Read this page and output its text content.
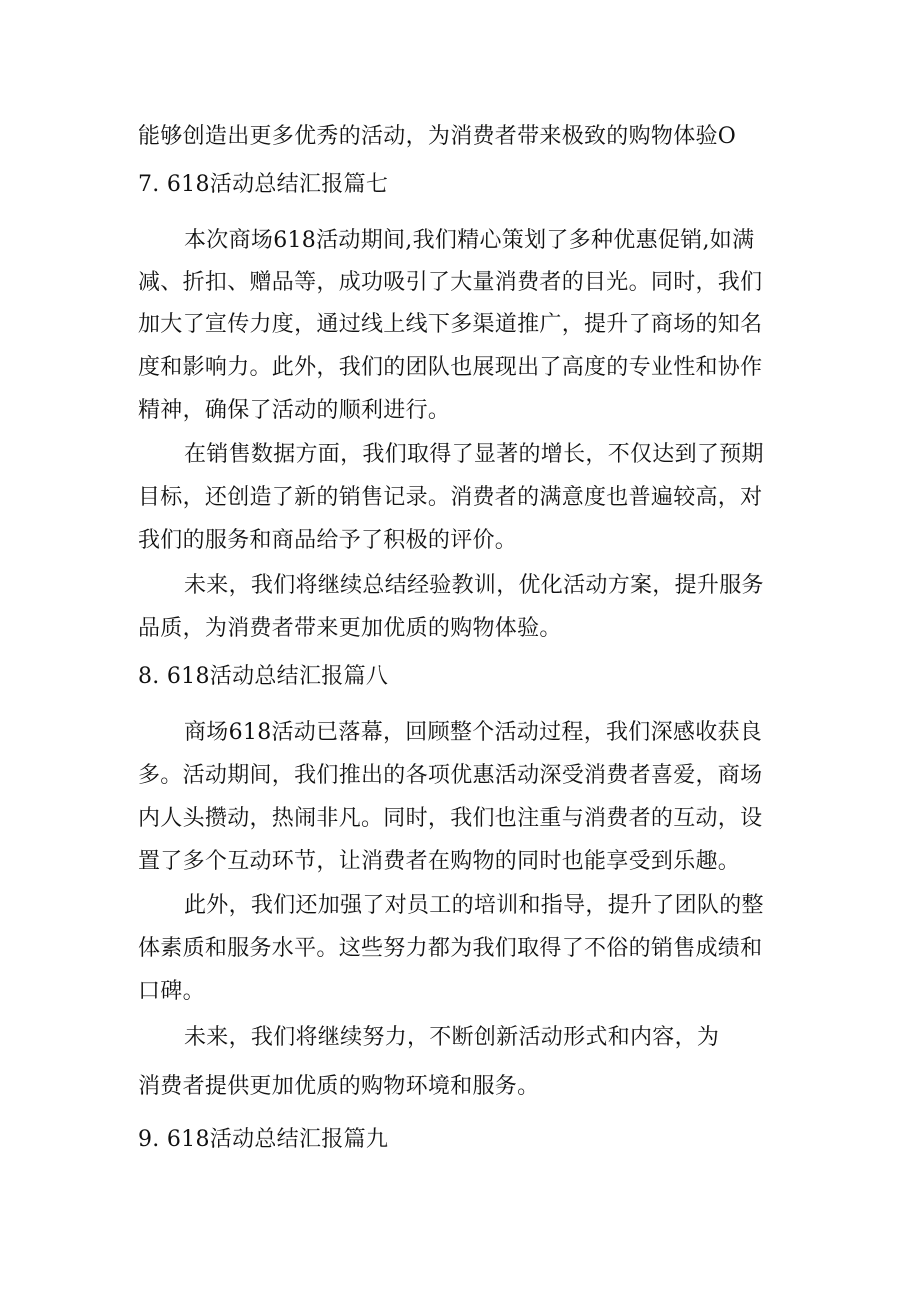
能够创造出更多优秀的活动，为消费者带来极致的购物体验O
7. 618活动总结汇报篇七
本次商场618活动期间,我们精心策划了多种优惠促销,如满
减、折扣、赠品等，成功吸引了大量消费者的目光。同时，我们
加大了宣传力度，通过线上线下多渠道推广，提升了商场的知名
度和影响力。此外，我们的团队也展现出了高度的专业性和协作
精神，确保了活动的顺利进行。
在销售数据方面，我们取得了显著的增长，不仅达到了预期
目标，还创造了新的销售记录。消费者的满意度也普遍较高，对
我们的服务和商品给予了积极的评价。
未来，我们将继续总结经验教训，优化活动方案，提升服务
品质，为消费者带来更加优质的购物体验。
8. 618活动总结汇报篇八
商场618活动已落幕，回顾整个活动过程，我们深感收获良
多。活动期间，我们推出的各项优惠活动深受消费者喜爱，商场
内人头攒动，热闹非凡。同时，我们也注重与消费者的互动，设
置了多个互动环节，让消费者在购物的同时也能享受到乐趣。
此外，我们还加强了对员工的培训和指导，提升了团队的整
体素质和服务水平。这些努力都为我们取得了不俗的销售成绩和
口碑。
未来，我们将继续努力，不断创新活动形式和内容，为
消费者提供更加优质的购物环境和服务。
9. 618活动总结汇报篇九
